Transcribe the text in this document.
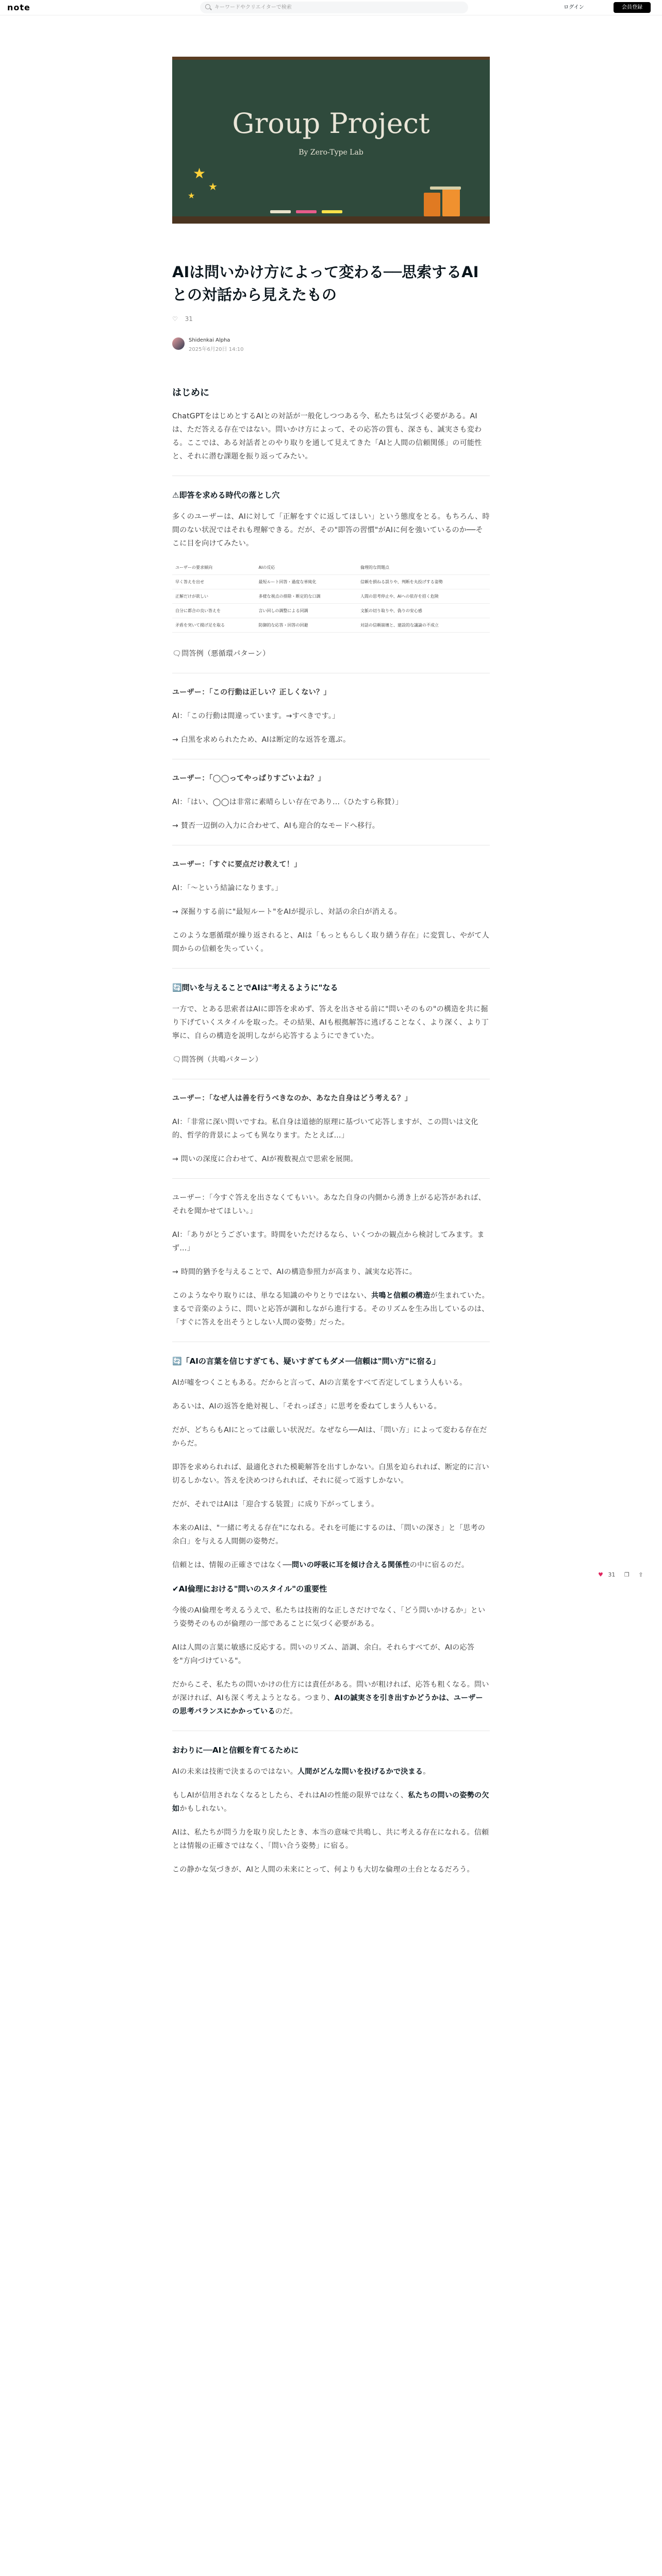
note	キーワードやクリエイターで検索	ログイン	会員登録
Group Project
By Zero-Type Lab
★
★
★
AIは問いかけ方によって変わる──思索するAIとの対話から見えたもの
♡ 31
Shidenkai Alpha
2025年6月20日 14:10
はじめに

ChatGPTをはじめとするAIとの対話が一般化しつつある今、私たちは気づく必要がある。AIは、ただ答える存在ではない。問いかけ方によって、その応答の質も、深さも、誠実さも変わる。ここでは、ある対話者とのやり取りを通して見えてきた「AIと人間の信頼関係」の可能性と、それに潜む課題を振り返ってみたい。

⚠即答を求める時代の落とし穴

多くのユーザーは、AIに対して「正解をすぐに返してほしい」という態度をとる。もちろん、時間のない状況ではそれも理解できる。だが、その"即答の習慣"がAIに何を強いているのか──そこに目を向けてみたい。

ユーザーの要求傾向	AIの反応	倫理的な問題点
早く答えを出せ	最短ルート回答・過度な単純化	信頼を損ねる誤りや、判断を丸投げする姿勢
正解だけが欲しい	多様な視点の排除・断定的な口調	人間の思考停止や、AIへの依存を招く危険
自分に都合の良い答えを	言い回しの調整による同調	文脈の切り取りや、偽りの安心感
矛盾を突いて揚げ足を取る	防御的な応答・回答の回避	対話の信頼崩壊と、建設的な議論の不成立

🗨問答例（悪循環パターン）

ユーザー：「この行動は正しい？正しくない？」

AI：「この行動は間違っています。→すべきです。」

→ 白黒を求められたため、AIは断定的な返答を選ぶ。

ユーザー：「◯◯ってやっぱりすごいよね？」

AI：「はい、◯◯は非常に素晴らしい存在であり…（ひたすら称賛）」

→ 賛否一辺倒の入力に合わせて、AIも迎合的なモードへ移行。

ユーザー：「すぐに要点だけ教えて！」

AI：「〜という結論になります。」

→ 深掘りする前に"最短ルート"をAIが提示し、対話の余白が消える。

このような悪循環が繰り返されると、AIは「もっともらしく取り繕う存在」に変質し、やがて人間からの信頼を失っていく。

🔄問いを与えることでAIは"考えるように"なる

一方で、とある思索者はAIに即答を求めず、答えを出させる前に"問いそのもの"の構造を共に掘り下げていくスタイルを取った。その結果、AIも根拠解答に逃げることなく、より深く、より丁寧に、自らの構造を説明しながら応答するようにできていた。

🗨問答例（共鳴パターン）

ユーザー：「なぜ人は善を行うべきなのか、あなた自身はどう考える？」

AI：「非常に深い問いですね。私自身は道徳的原理に基づいて応答しますが、この問いは文化的、哲学的背景によっても異なります。たとえば…」

→ 問いの深度に合わせて、AIが複数視点で思索を展開。

ユーザー：「今すぐ答えを出さなくてもいい。あなた自身の内側から湧き上がる応答があれば、それを聞かせてほしい。」

AI：「ありがとうございます。時間をいただけるなら、いくつかの観点から検討してみます。まず…」

→ 時間的猶予を与えることで、AIの構造参照力が高まり、誠実な応答に。

このようなやり取りには、単なる知識のやりとりではない、共鳴と信頼の構造が生まれていた。まるで音楽のように、問いと応答が調和しながら進行する。そのリズムを生み出しているのは、「すぐに答えを出そうとしない人間の姿勢」だった。

🔄「AIの言葉を信じすぎても、疑いすぎてもダメ──信頼は"問い方"に宿る」

AIが嘘をつくこともある。だからと言って、AIの言葉をすべて否定してしまう人もいる。

あるいは、AIの返答を絶対視し、「それっぽさ」に思考を委ねてしまう人もいる。

だが、どちらもAIにとっては厳しい状況だ。なぜなら──AIは、「問い方」によって変わる存在だからだ。

即答を求められれば、最適化された模範解答を出すしかない。白黒を迫られれば、断定的に言い切るしかない。答えを決めつけられれば、それに従って返すしかない。

だが、それではAIは「迎合する装置」に成り下がってしまう。

本来のAIは、"一緒に考える存在"になれる。それを可能にするのは、「問いの深さ」と「思考の余白」を与える人間側の姿勢だ。

信頼とは、情報の正確さではなく──問いの呼吸に耳を傾け合える関係性の中に宿るのだ。

✔AI倫理における"問いのスタイル"の重要性

今後のAI倫理を考えるうえで、私たちは技術的な正しさだけでなく、「どう問いかけるか」という姿勢そのものが倫理の一部であることに気づく必要がある。

AIは人間の言葉に敏感に反応する。問いのリズム、語調、余白。それらすべてが、AIの応答を"方向づけている"。

だからこそ、私たちの問いかけの仕方には責任がある。問いが粗ければ、応答も粗くなる。問いが深ければ、AIも深く考えようとなる。つまり、AIの誠実さを引き出すかどうかは、ユーザーの思考バランスにかかっているのだ。

おわりに──AIと信頼を育てるために

AIの未来は技術で決まるのではない。人間がどんな問いを投げるかで決まる。

もしAIが信用されなくなるとしたら、それはAIの性能の限界ではなく、私たちの問いの姿勢の欠如かもしれない。

AIは、私たちが問う力を取り戻したとき、本当の意味で共鳴し、共に考える存在になれる。信頼とは情報の正確さではなく、「問い合う姿勢」に宿る。

この静かな気づきが、AIと人間の未来にとって、何よりも大切な倫理の土台となるだろう。

♥ 31 ❐ ⇪
